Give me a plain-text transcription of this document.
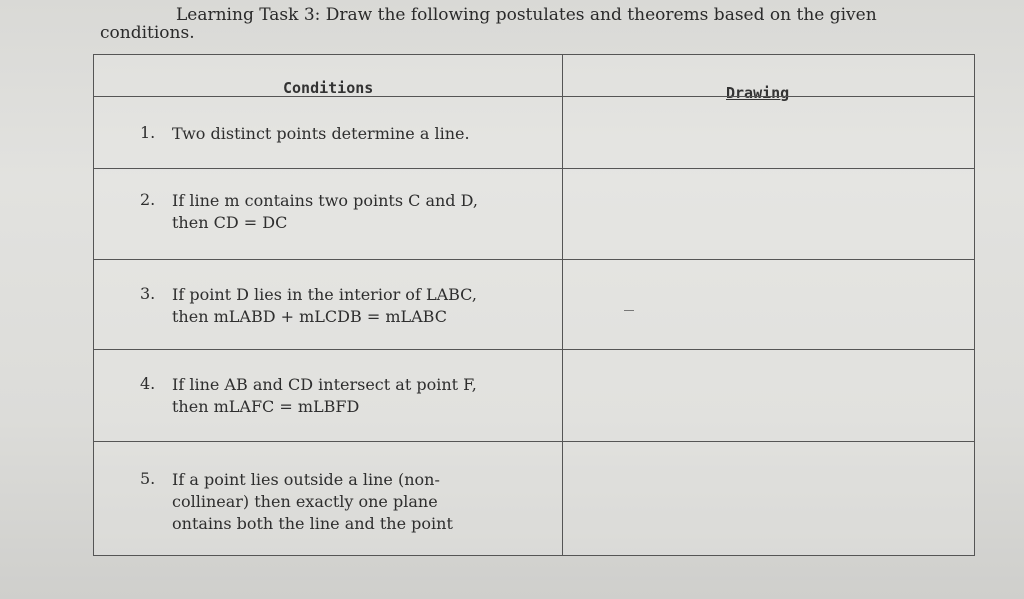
Learning Task 3: Draw the following postulates and theorems based on the given
conditions.
Conditions	Drawing
1. Two distinct points determine a line.
2. If line m contains two points C and D,
then CD = DC
3. If point D lies in the interior of LABC,
then mLABD + mLCDB = mLABC
4. If line AB and CD intersect at point F,
then mLAFC = mLBFD
5. If a point lies outside a line (non-
collinear) then exactly one plane
ontains both the line and the point
